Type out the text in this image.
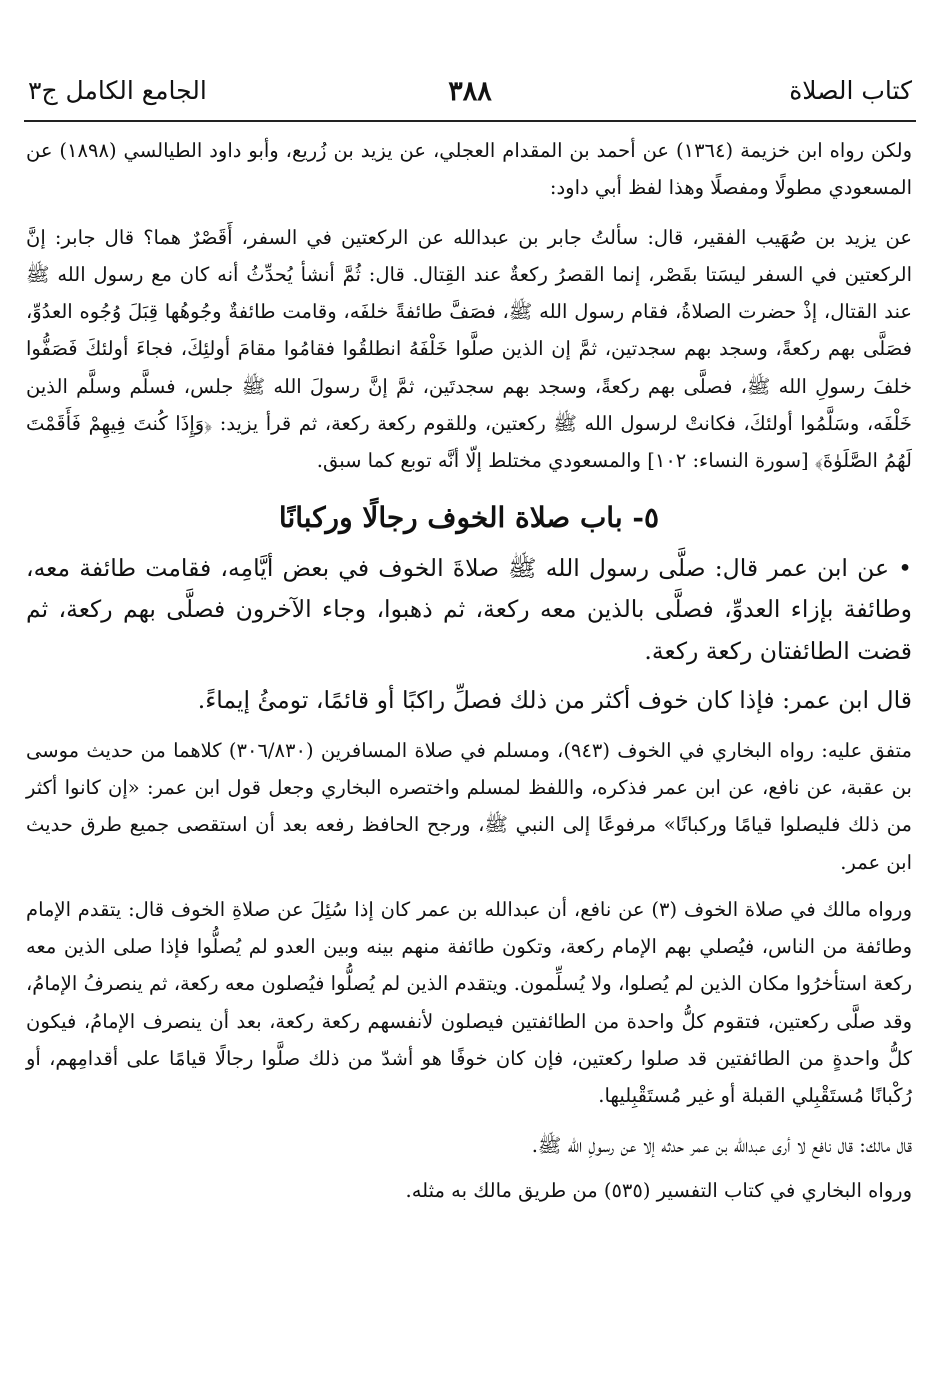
كتاب الصلاة
٣٨٨
الجامع الكامل ج٣

ولكن رواه ابن خزيمة (١٣٦٤) عن أحمد بن المقدام العجلي، عن يزيد بن زُريع، وأبو داود الطيالسي (١٨٩٨) عن المسعودي مطولًا ومفصلًا وهذا لفظ أبي داود:

عن يزيد بن صُهَيب الفقير، قال: سألتُ جابر بن عبدالله عن الركعتين في السفر، أَقَصْرٌ هما؟ قال جابر: إنَّ الركعتين في السفر ليسَتا بقَصْر، إنما القصرُ ركعةٌ عند القِتال. قال: ثُمَّ أنشأ يُحدِّثُ أنه كان مع رسول الله ﷺ عند القتال، إذْ حضرت الصلاةُ، فقام رسول الله ﷺ، فصَفَّ طائفةً خلفَه، وقامت طائفةٌ وجُوهُها قِبَلَ وُجُوه العدُوِّ، فصَلَّى بهم ركعةً، وسجد بهم سجدتين، ثمَّ إن الذين صلَّوا خَلْفَهُ انطلقُوا فقامُوا مقامَ أولئِكَ، فجاءَ أولئكَ فَصَفُّوا خلفَ رسولِ الله ﷺ، فصلَّى بهم ركعةً، وسجد بهم سجدتَين، ثمَّ إنَّ رسولَ الله ﷺ جلس، فسلَّم وسلَّم الذين خَلْفَه، وسَلَّمُوا أولئكَ، فكانتْ لرسول الله ﷺ ركعتين، وللقوم ركعة ركعة، ثم قرأ يزيد: ﴿وَإِذَا كُنتَ فِيهِمْ فَأَقَمْتَ لَهُمُ الصَّلَوٰةَ﴾ [سورة النساء: ١٠٢] والمسعودي مختلط إلّا أنَّه توبع كما سبق.

٥- باب صلاة الخوف رجالًا وركبانًا

• عن ابن عمر قال: صلَّى رسول الله ﷺ صلاةَ الخوف في بعض أيَّامِه، فقامت طائفة معه، وطائفة بإزاء العدوِّ، فصلَّى بالذين معه ركعة، ثم ذهبوا، وجاء الآخرون فصلَّى بهم ركعة، ثم قضت الطائفتان ركعة ركعة.

قال ابن عمر: فإذا كان خوف أكثر من ذلك فصلِّ راكبًا أو قائمًا، تومئُ إيماءً.

متفق عليه: رواه البخاري في الخوف (٩٤٣)، ومسلم في صلاة المسافرين (٣٠٦/٨٣٠) كلاهما من حديث موسى بن عقبة، عن نافع، عن ابن عمر فذكره، واللفظ لمسلم واختصره البخاري وجعل قول ابن عمر: «إن كانوا أكثر من ذلك فليصلوا قيامًا وركبانًا» مرفوعًا إلى النبي ﷺ، ورجح الحافظ رفعه بعد أن استقصى جميع طرق حديث ابن عمر.

ورواه مالك في صلاة الخوف (٣) عن نافع، أن عبدالله بن عمر كان إذا سُئِلَ عن صلاةِ الخوف قال: يتقدم الإمام وطائفة من الناس، فيُصلي بهم الإمام ركعة، وتكون طائفة منهم بينه وبين العدو لم يُصلُّوا فإذا صلى الذين معه ركعة استأخرُوا مكان الذين لم يُصلوا، ولا يُسلِّمون. ويتقدم الذين لم يُصلُّوا فيُصلون معه ركعة، ثم ينصرفُ الإمامُ، وقد صلَّى ركعتين، فتقوم كلُّ واحدة من الطائفتين فيصلون لأنفسهم ركعة ركعة، بعد أن ينصرف الإمامُ، فيكون كلُّ واحدةٍ من الطائفتين قد صلوا ركعتين، فإن كان خوفًا هو أشدّ من ذلك صلَّوا رجالًا قيامًا على أقدامِهم، أو رُكْبانًا مُستَقْبِلي القبلة أو غير مُستَقْبِليها.

قال مالك: قال نافع لا أرى عبدالله بن عمر حدثه إلا عن رسولِ الله ﷺ.

ورواه البخاري في كتاب التفسير (٥٣٥) من طريق مالك به مثله.
